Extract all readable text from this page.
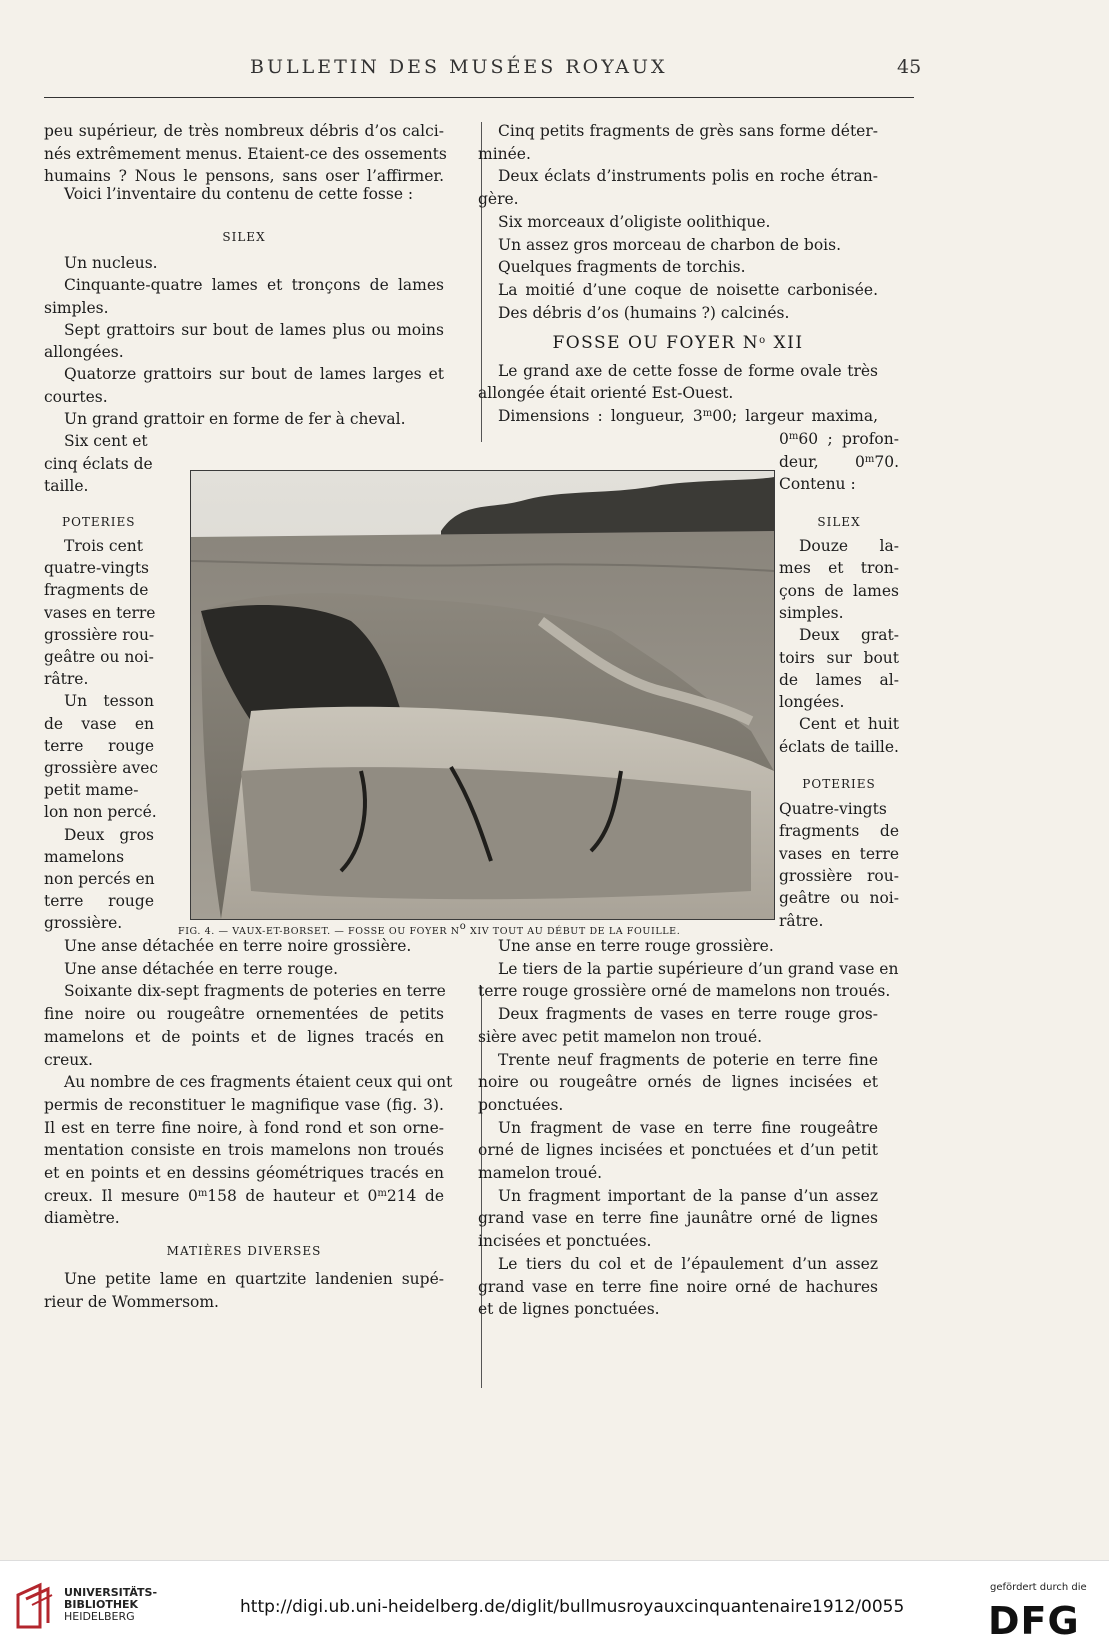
BULLETIN DES MUSÉES ROYAUX	45
peu supérieur, de très nombreux débris d’os calci-
nés extrêmement menus. Etaient-ce des ossements
humains ? Nous le pensons, sans oser l’affirmer.
Voici l’inventaire du contenu de cette fosse :
SILEX
Un nucleus.
Cinquante-quatre lames et tronçons de lames
simples.
Sept grattoirs sur bout de lames plus ou moins
allongées.
Quatorze grattoirs sur bout de lames larges et
courtes.
Un grand grattoir en forme de fer à cheval.
Six cent et
cinq éclats de
taille.
POTERIES
Trois cent
quatre-vingts
fragments de
vases en terre
grossière rou-
geâtre ou noi-
râtre.
Un tesson
de vase en
terre rouge
grossière avec
petit mame-
lon non percé.
Deux gros
mamelons
non percés en
terre rouge
grossière.
Une anse détachée en terre noire grossière.
Une anse détachée en terre rouge.
Soixante dix-sept fragments de poteries en terre
fine noire ou rougeâtre ornementées de petits
mamelons et de points et de lignes tracés en
creux.
Au nombre de ces fragments étaient ceux qui ont
permis de reconstituer le magnifique vase (fig. 3).
Il est en terre fine noire, à fond rond et son orne-
mentation consiste en trois mamelons non troués
et en points et en dessins géométriques tracés en
creux. Il mesure 0$^m$158 de hauteur et 0$^m$214 de
diamètre.
MATIÈRES DIVERSES
Une petite lame en quartzite landenien supé-
rieur de Wommersom.
Cinq petits fragments de grès sans forme déter-
minée.
Deux éclats d’instruments polis en roche étran-
gère.
Six morceaux d’oligiste oolithique.
Un assez gros morceau de charbon de bois.
Quelques fragments de torchis.
La moitié d’une coque de noisette carbonisée.
Des débris d’os (humains ?) calcinés.
FOSSE OU FOYER $N^o$ XII
Le grand axe de cette fosse de forme ovale très
allongée était orienté Est-Ouest.
Dimensions : longueur, 3$^m$00; largeur maxima,
0$^m$60 ; profon-
deur, 0$^m$70.
Contenu :
SILEX
Douze la-
mes et tron-
çons de lames
simples.
Deux grat-
toirs sur bout
de lames al-
longées.
Cent et huit
éclats de taille.
POTERIES
Quatre-vingts
fragments de
vases en terre
grossière rou-
geâtre ou noi-
râtre.
Une anse en terre rouge grossière.
Le tiers de la partie supérieure d’un grand vase en
terre rouge grossière orné de mamelons non troués.
Deux fragments de vases en terre rouge gros-
sière avec petit mamelon non troué.
Trente neuf fragments de poterie en terre fine
noire ou rougeâtre ornés de lignes incisées et
ponctuées.
Un fragment de vase en terre fine rougeâtre
orné de lignes incisées et ponctuées et d’un petit
mamelon troué.
Un fragment important de la panse d’un assez
grand vase en terre fine jaunâtre orné de lignes
incisées et ponctuées.
Le tiers du col et de l’épaulement d’un assez
grand vase en terre fine noire orné de hachures
et de lignes ponctuées.
FIG. 4. — VAUX-ET-BORSET. — FOSSE OU FOYER $N^o$ XIV TOUT AU DÉBUT DE LA FOUILLE.
UNIVERSITÄTS-
BIBLIOTHEK
HEIDELBERG	http://digi.ub.uni-heidelberg.de/diglit/bullmusroyauxcinquantenaire1912/0055
gefördert durch die
DFG
